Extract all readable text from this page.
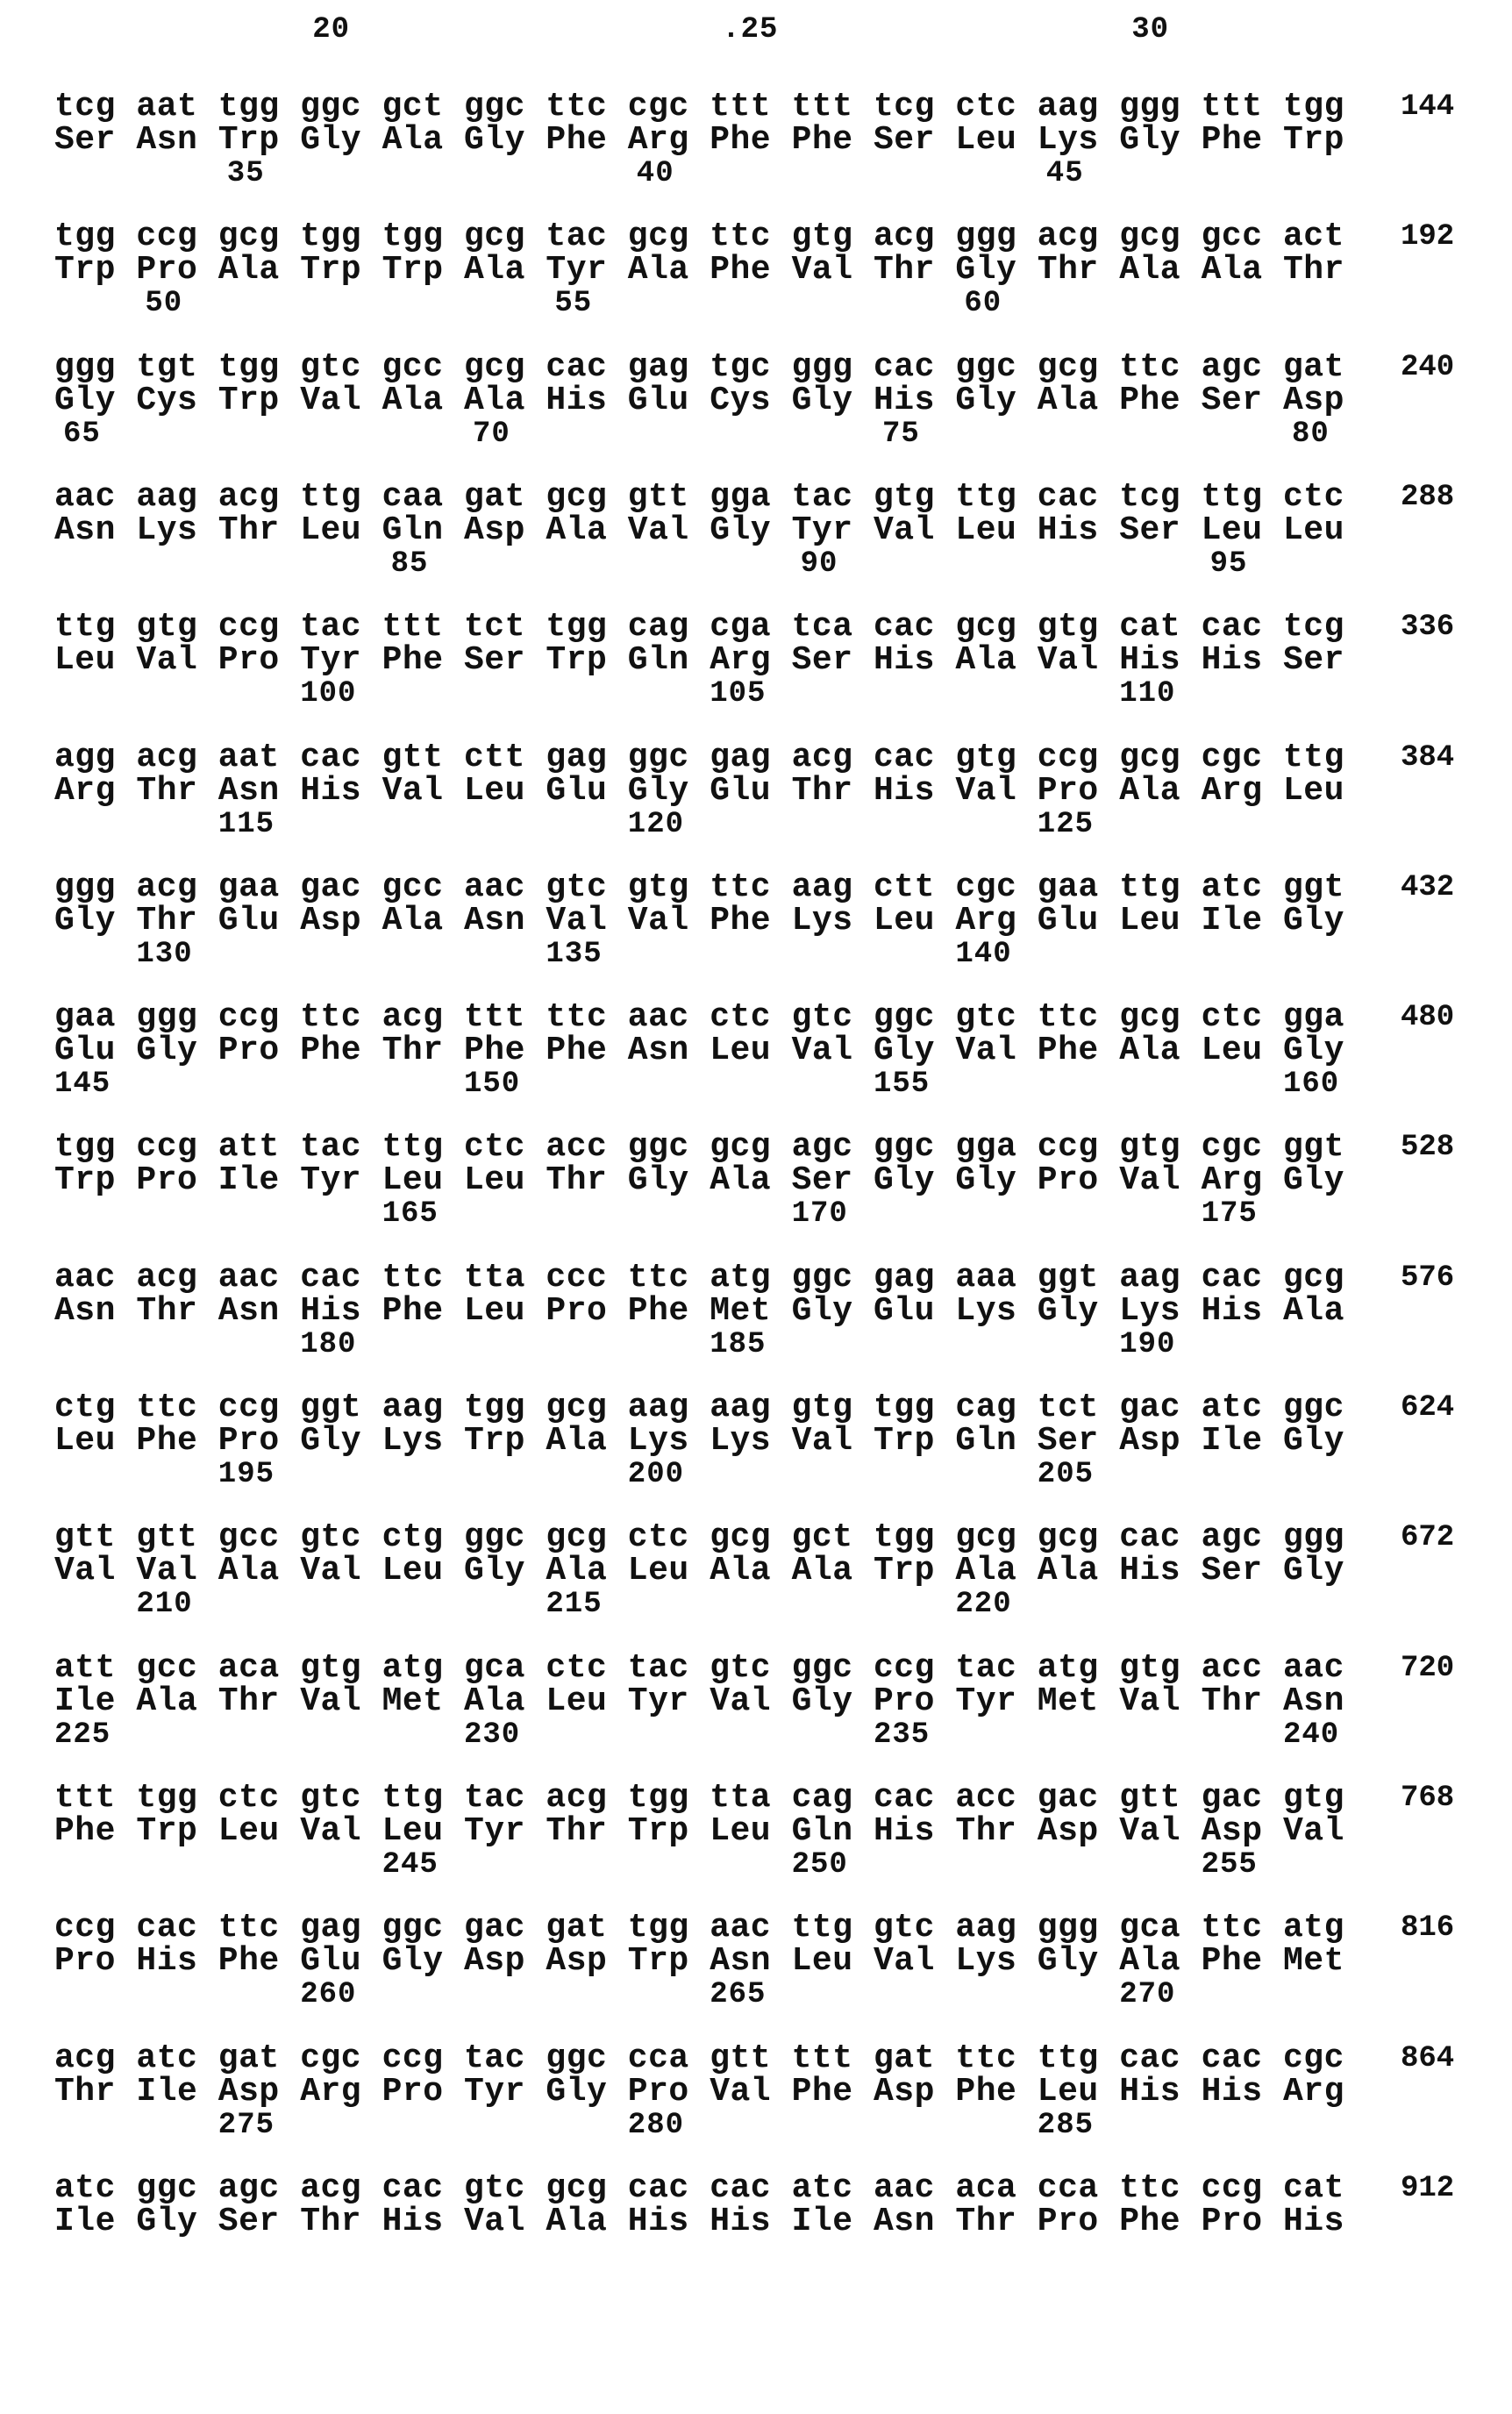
20	.25	30
tcg aat tgg ggc gct ggc ttc cgc ttt ttt tcg ctc aag ggg ttt tgg 144
Ser Asn Trp Gly Ala Gly Phe Arg Phe Phe Ser Leu Lys Gly Phe Trp
35	40	45
tgg ccg gcg tgg tgg gcg tac gcg ttc gtg acg ggg acg gcg gcc act 192
Trp Pro Ala Trp Trp Ala Tyr Ala Phe Val Thr Gly Thr Ala Ala Thr
50	55	60
ggg tgt tgg gtc gcc gcg cac gag tgc ggg cac ggc gcg ttc agc gat 240
Gly Cys Trp Val Ala Ala His Glu Cys Gly His Gly Ala Phe Ser Asp
65	70	75	80
aac aag acg ttg caa gat gcg gtt gga tac gtg ttg cac tcg ttg ctc 288
Asn Lys Thr Leu Gln Asp Ala Val Gly Tyr Val Leu His Ser Leu Leu
85	90	95
ttg gtg ccg tac ttt tct tgg cag cga tca cac gcg gtg cat cac tcg 336
Leu Val Pro Tyr Phe Ser Trp Gln Arg Ser His Ala Val His His Ser
100	105	110
agg acg aat cac gtt ctt gag ggc gag acg cac gtg ccg gcg cgc ttg 384
Arg Thr Asn His Val Leu Glu Gly Glu Thr His Val Pro Ala Arg Leu
115	120	125
ggg acg gaa gac gcc aac gtc gtg ttc aag ctt cgc gaa ttg atc ggt 432
Gly Thr Glu Asp Ala Asn Val Val Phe Lys Leu Arg Glu Leu Ile Gly
130	135	140
gaa ggg ccg ttc acg ttt ttc aac ctc gtc ggc gtc ttc gcg ctc gga 480
Glu Gly Pro Phe Thr Phe Phe Asn Leu Val Gly Val Phe Ala Leu Gly
145	150	155	160
tgg ccg att tac ttg ctc acc ggc gcg agc ggc gga ccg gtg cgc ggt 528
Trp Pro Ile Tyr Leu Leu Thr Gly Ala Ser Gly Gly Pro Val Arg Gly
165	170	175
aac acg aac cac ttc tta ccc ttc atg ggc gag aaa ggt aag cac gcg 576
Asn Thr Asn His Phe Leu Pro Phe Met Gly Glu Lys Gly Lys His Ala
180	185	190
ctg ttc ccg ggt aag tgg gcg aag aag gtg tgg cag tct gac atc ggc 624
Leu Phe Pro Gly Lys Trp Ala Lys Lys Val Trp Gln Ser Asp Ile Gly
195	200	205
gtt gtt gcc gtc ctg ggc gcg ctc gcg gct tgg gcg gcg cac agc ggg 672
Val Val Ala Val Leu Gly Ala Leu Ala Ala Trp Ala Ala His Ser Gly
210	215	220
att gcc aca gtg atg gca ctc tac gtc ggc ccg tac atg gtg acc aac 720
Ile Ala Thr Val Met Ala Leu Tyr Val Gly Pro Tyr Met Val Thr Asn
225	230	235	240
ttt tgg ctc gtc ttg tac acg tgg tta cag cac acc gac gtt gac gtg 768
Phe Trp Leu Val Leu Tyr Thr Trp Leu Gln His Thr Asp Val Asp Val
245	250	255
ccg cac ttc gag ggc gac gat tgg aac ttg gtc aag ggg gca ttc atg 816
Pro His Phe Glu Gly Asp Asp Trp Asn Leu Val Lys Gly Ala Phe Met
260	265	270
acg atc gat cgc ccg tac ggc cca gtt ttt gat ttc ttg cac cac cgc 864
Thr Ile Asp Arg Pro Tyr Gly Pro Val Phe Asp Phe Leu His His Arg
275	280	285
atc ggc agc acg cac gtc gcg cac cac atc aac aca cca ttc ccg cat 912
Ile Gly Ser Thr His Val Ala His His Ile Asn Thr Pro Phe Pro His
